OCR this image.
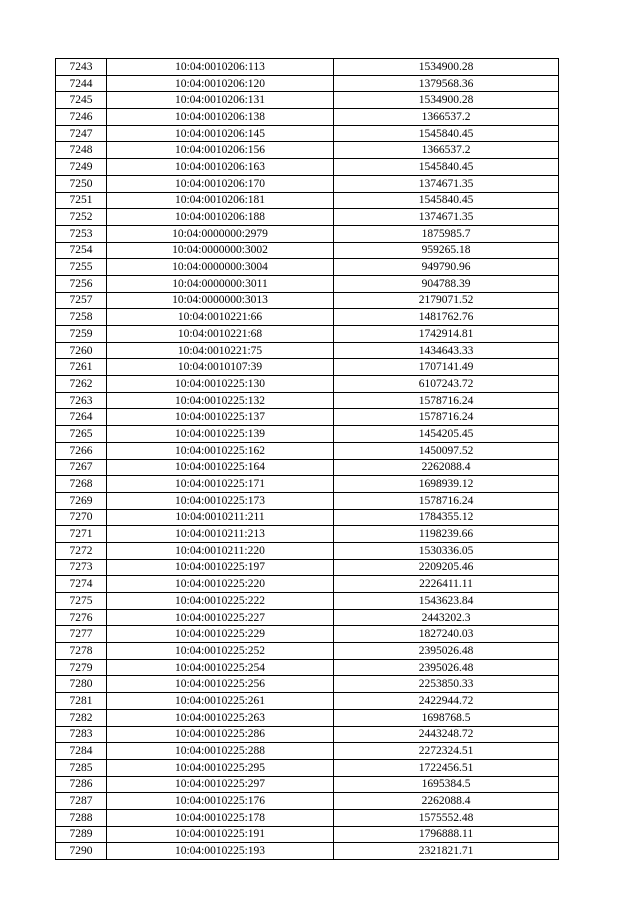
7243	10:04:0010206:113	1534900.28
7244	10:04:0010206:120	1379568.36
7245	10:04:0010206:131	1534900.28
7246	10:04:0010206:138	1366537.2
7247	10:04:0010206:145	1545840.45
7248	10:04:0010206:156	1366537.2
7249	10:04:0010206:163	1545840.45
7250	10:04:0010206:170	1374671.35
7251	10:04:0010206:181	1545840.45
7252	10:04:0010206:188	1374671.35
7253	10:04:0000000:2979	1875985.7
7254	10:04:0000000:3002	959265.18
7255	10:04:0000000:3004	949790.96
7256	10:04:0000000:3011	904788.39
7257	10:04:0000000:3013	2179071.52
7258	10:04:0010221:66	1481762.76
7259	10:04:0010221:68	1742914.81
7260	10:04:0010221:75	1434643.33
7261	10:04:0010107:39	1707141.49
7262	10:04:0010225:130	6107243.72
7263	10:04:0010225:132	1578716.24
7264	10:04:0010225:137	1578716.24
7265	10:04:0010225:139	1454205.45
7266	10:04:0010225:162	1450097.52
7267	10:04:0010225:164	2262088.4
7268	10:04:0010225:171	1698939.12
7269	10:04:0010225:173	1578716.24
7270	10:04:0010211:211	1784355.12
7271	10:04:0010211:213	1198239.66
7272	10:04:0010211:220	1530336.05
7273	10:04:0010225:197	2209205.46
7274	10:04:0010225:220	2226411.11
7275	10:04:0010225:222	1543623.84
7276	10:04:0010225:227	2443202.3
7277	10:04:0010225:229	1827240.03
7278	10:04:0010225:252	2395026.48
7279	10:04:0010225:254	2395026.48
7280	10:04:0010225:256	2253850.33
7281	10:04:0010225:261	2422944.72
7282	10:04:0010225:263	1698768.5
7283	10:04:0010225:286	2443248.72
7284	10:04:0010225:288	2272324.51
7285	10:04:0010225:295	1722456.51
7286	10:04:0010225:297	1695384.5
7287	10:04:0010225:176	2262088.4
7288	10:04:0010225:178	1575552.48
7289	10:04:0010225:191	1796888.11
7290	10:04:0010225:193	2321821.71
